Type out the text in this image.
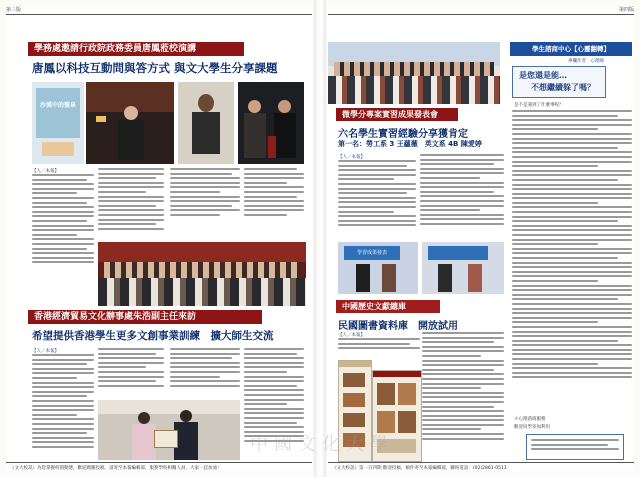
第三版
學務處邀請行政院政務委員唐鳳蒞校演講
唐鳳以科技互動問與答方式 與文大學生分享課題
沙漠中的聖泉
【人／本報】
香港經濟貿易文化辦事處朱浩副主任來訪
希望提供香港學生更多文創事業訓練　擴大師生交流
【人／本報】
《文大校訊》為您掌握校園動態，歡迎踴躍投稿，請寄至本報編輯部，服務學校相關人員，大家一起加油！
第四版
微學分專案實習成果發表會
六名學生實習經驗分享獲肯定
第一名：勞工系 3 王蘊薇　英文系 4B 陳愛婷
【人／本報】
學習成果發表
中國歷史文獻總庫
民國圖書資料庫　開放試用
【人／本報】
學生諮商中心【心靈翻轉】
專欄作者：心理師
是您還是能…
不想繼續躲了嗎？
是不是遇到了什麼事呢？
＊心理諮商服務
歡迎同學多加利用
《文大校訊》第一百四期 歡迎投稿，稿件寄至本報編輯部，聯絡電話：(02)2861-0511
中國文化大學
